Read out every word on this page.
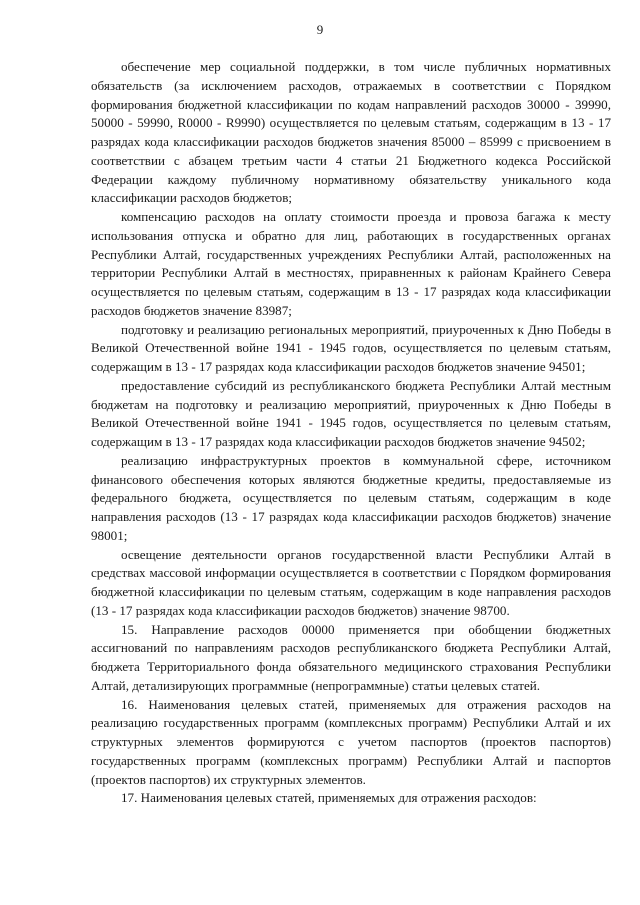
9

обеспечение мер социальной поддержки, в том числе публичных нормативных обязательств (за исключением расходов, отражаемых в соответствии с Порядком формирования бюджетной классификации по кодам направлений расходов 30000 - 39990, 50000 - 59990, R0000 - R9990) осуществляется по целевым статьям, содержащим в 13 - 17 разрядах кода классификации расходов бюджетов значения 85000 – 85999 с присвоением в соответствии с абзацем третьим части 4 статьи 21 Бюджетного кодекса Российской Федерации каждому публичному нормативному обязательству уникального кода классификации расходов бюджетов;

компенсацию расходов на оплату стоимости проезда и провоза багажа к месту использования отпуска и обратно для лиц, работающих в государственных органах Республики Алтай, государственных учреждениях Республики Алтай, расположенных на территории Республики Алтай в местностях, приравненных к районам Крайнего Севера осуществляется по целевым статьям, содержащим в 13 - 17 разрядах кода классификации расходов бюджетов значение 83987;

подготовку и реализацию региональных мероприятий, приуроченных к Дню Победы в Великой Отечественной войне 1941 - 1945 годов, осуществляется по целевым статьям, содержащим в 13 - 17 разрядах кода классификации расходов бюджетов значение 94501;

предоставление субсидий из республиканского бюджета Республики Алтай местным бюджетам на подготовку и реализацию мероприятий, приуроченных к Дню Победы в Великой Отечественной войне 1941 - 1945 годов, осуществляется по целевым статьям, содержащим в 13 - 17 разрядах кода классификации расходов бюджетов значение 94502;

реализацию инфраструктурных проектов в коммунальной сфере, источником финансового обеспечения которых являются бюджетные кредиты, предоставляемые из федерального бюджета, осуществляется по целевым статьям, содержащим в коде направления расходов (13 - 17 разрядах кода классификации расходов бюджетов) значение 98001;

освещение деятельности органов государственной власти Республики Алтай в средствах массовой информации осуществляется в соответствии с Порядком формирования бюджетной классификации по целевым статьям, содержащим в коде направления расходов (13 - 17 разрядах кода классификации расходов бюджетов) значение 98700.

15. Направление расходов 00000 применяется при обобщении бюджетных ассигнований по направлениям расходов республиканского бюджета Республики Алтай, бюджета Территориального фонда обязательного медицинского страхования Республики Алтай, детализирующих программные (непрограммные) статьи целевых статей.

16. Наименования целевых статей, применяемых для отражения расходов на реализацию государственных программ (комплексных программ) Республики Алтай и их структурных элементов формируются с учетом паспортов (проектов паспортов) государственных программ (комплексных программ) Республики Алтай и паспортов (проектов паспортов) их структурных элементов.

17. Наименования целевых статей, применяемых для отражения расходов:
